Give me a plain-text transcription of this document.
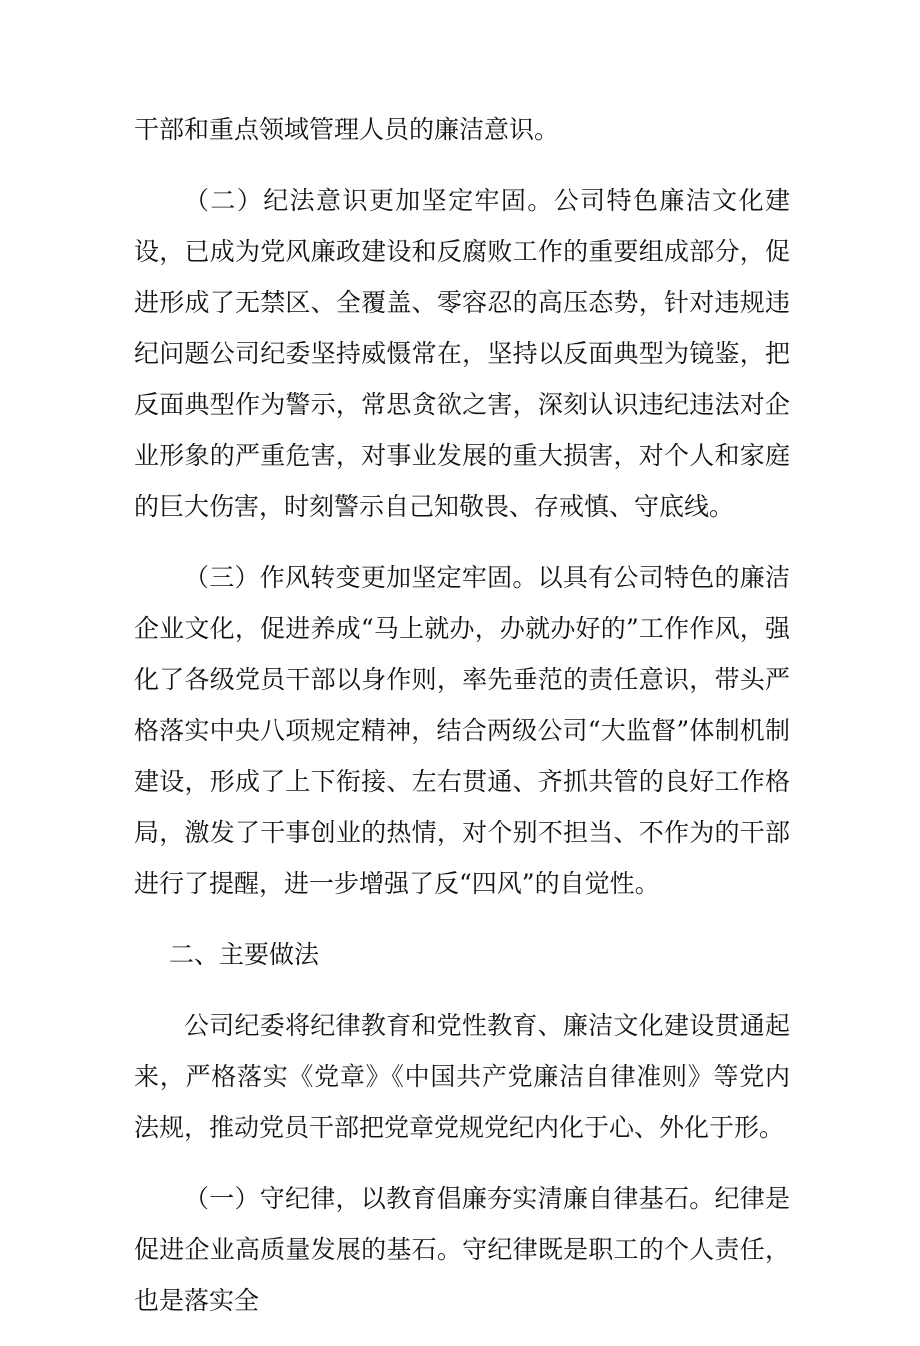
干部和重点领域管理人员的廉洁意识。

（二）纪法意识更加坚定牢固。公司特色廉洁文化建设，已成为党风廉政建设和反腐败工作的重要组成部分，促进形成了无禁区、全覆盖、零容忍的高压态势，针对违规违纪问题公司纪委坚持威慑常在，坚持以反面典型为镜鉴，把反面典型作为警示，常思贪欲之害，深刻认识违纪违法对企业形象的严重危害，对事业发展的重大损害，对个人和家庭的巨大伤害，时刻警示自己知敬畏、存戒慎、守底线。

（三）作风转变更加坚定牢固。以具有公司特色的廉洁企业文化，促进养成“马上就办，办就办好的”工作作风，强化了各级党员干部以身作则，率先垂范的责任意识，带头严格落实中央八项规定精神，结合两级公司“大监督”体制机制建设，形成了上下衔接、左右贯通、齐抓共管的良好工作格局，激发了干事创业的热情，对个别不担当、不作为的干部进行了提醒，进一步增强了反“四风”的自觉性。

二、主要做法

公司纪委将纪律教育和党性教育、廉洁文化建设贯通起来，严格落实《党章》《中国共产党廉洁自律准则》等党内法规，推动党员干部把党章党规党纪内化于心、外化于形。

（一）守纪律，以教育倡廉夯实清廉自律基石。纪律是促进企业高质量发展的基石。守纪律既是职工的个人责任，也是落实全
